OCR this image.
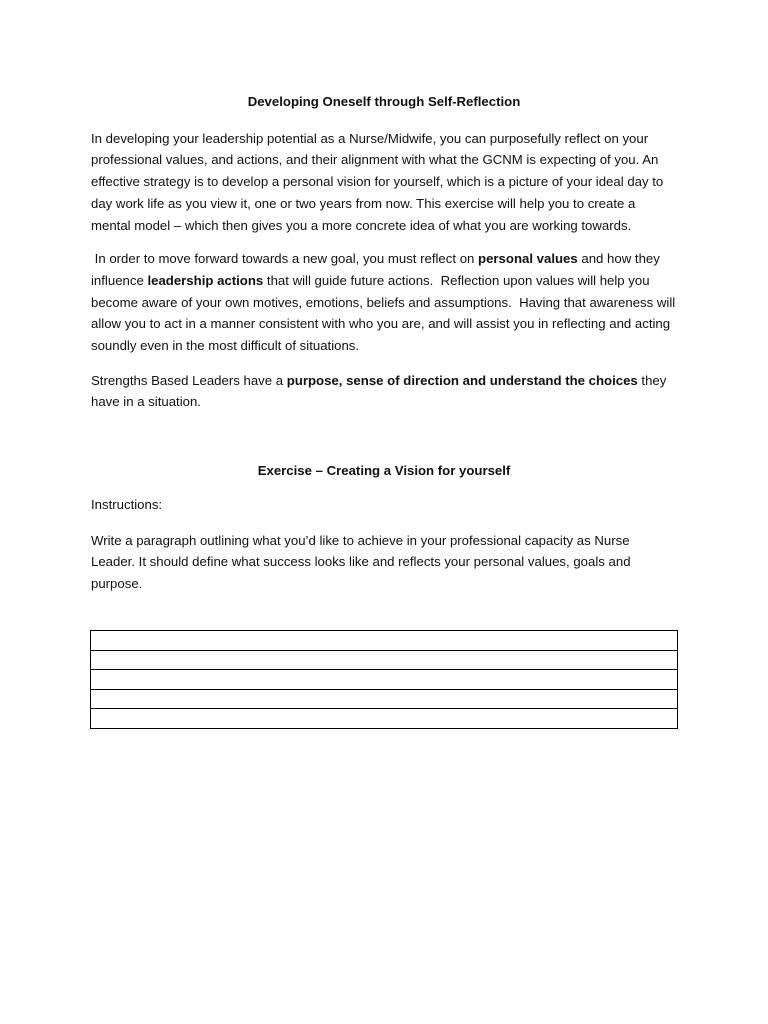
Developing Oneself through Self-Reflection

In developing your leadership potential as a Nurse/Midwife, you can purposefully reflect on your professional values, and actions, and their alignment with what the GCNM is expecting of you. An effective strategy is to develop a personal vision for yourself, which is a picture of your ideal day to day work life as you view it, one or two years from now. This exercise will help you to create a mental model – which then gives you a more concrete idea of what you are working towards.

In order to move forward towards a new goal, you must reflect on personal values and how they influence leadership actions that will guide future actions.  Reflection upon values will help you become aware of your own motives, emotions, beliefs and assumptions.  Having that awareness will allow you to act in a manner consistent with who you are, and will assist you in reflecting and acting soundly even in the most difficult of situations.

Strengths Based Leaders have a purpose, sense of direction and understand the choices they have in a situation.

Exercise – Creating a Vision for yourself

Instructions:

Write a paragraph outlining what you’d like to achieve in your professional capacity as Nurse Leader. It should define what success looks like and reflects your personal values, goals and purpose.
